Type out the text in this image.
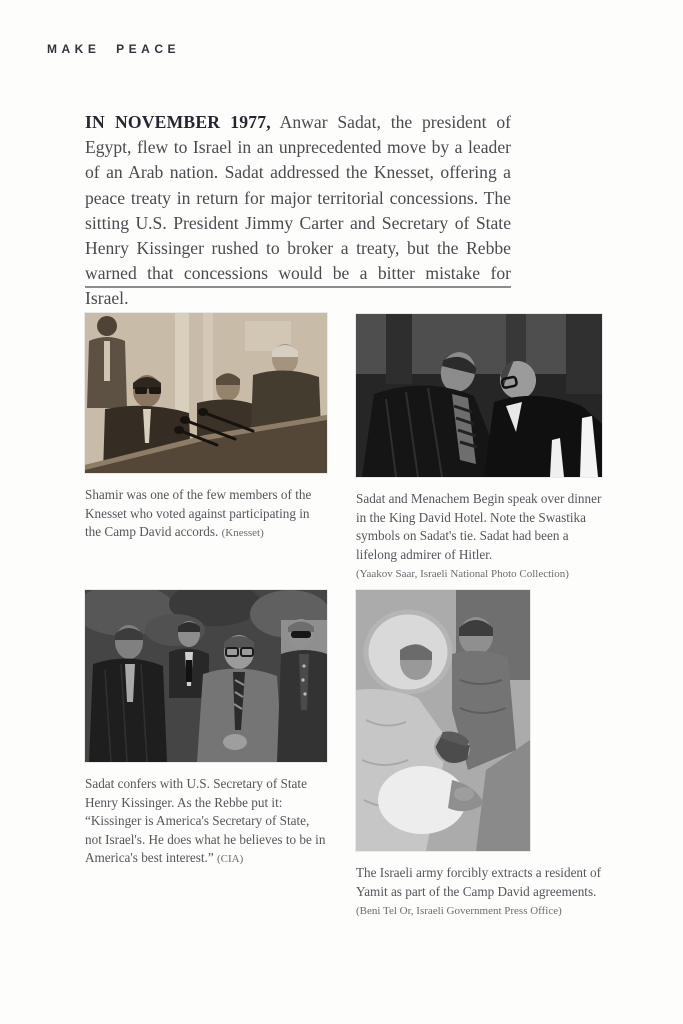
MAKE PEACE

IN NOVEMBER 1977, Anwar Sadat, the president of Egypt, flew to Israel in an unprecedented move by a leader of an Arab nation. Sadat addressed the Knesset, offering a peace treaty in return for major territorial concessions. The sitting U.S. President Jimmy Carter and Secretary of State Henry Kissinger rushed to broker a treaty, but the Rebbe warned that concessions would be a bitter mistake for Israel.

Shamir was one of the few members of the Knesset who voted against participating in the Camp David accords. (Knesset)
Sadat and Menachem Begin speak over dinner in the King David Hotel. Note the Swastika symbols on Sadat's tie. Sadat had been a lifelong admirer of Hitler.
(Yaakov Saar, Israeli National Photo Collection)
Sadat confers with U.S. Secretary of State Henry Kissinger. As the Rebbe put it: “Kissinger is America's Secretary of State, not Israel's. He does what he believes to be in America's best interest.” (CIA)
The Israeli army forcibly extracts a resident of Yamit as part of the Camp David agreements.
(Beni Tel Or, Israeli Government Press Office)
